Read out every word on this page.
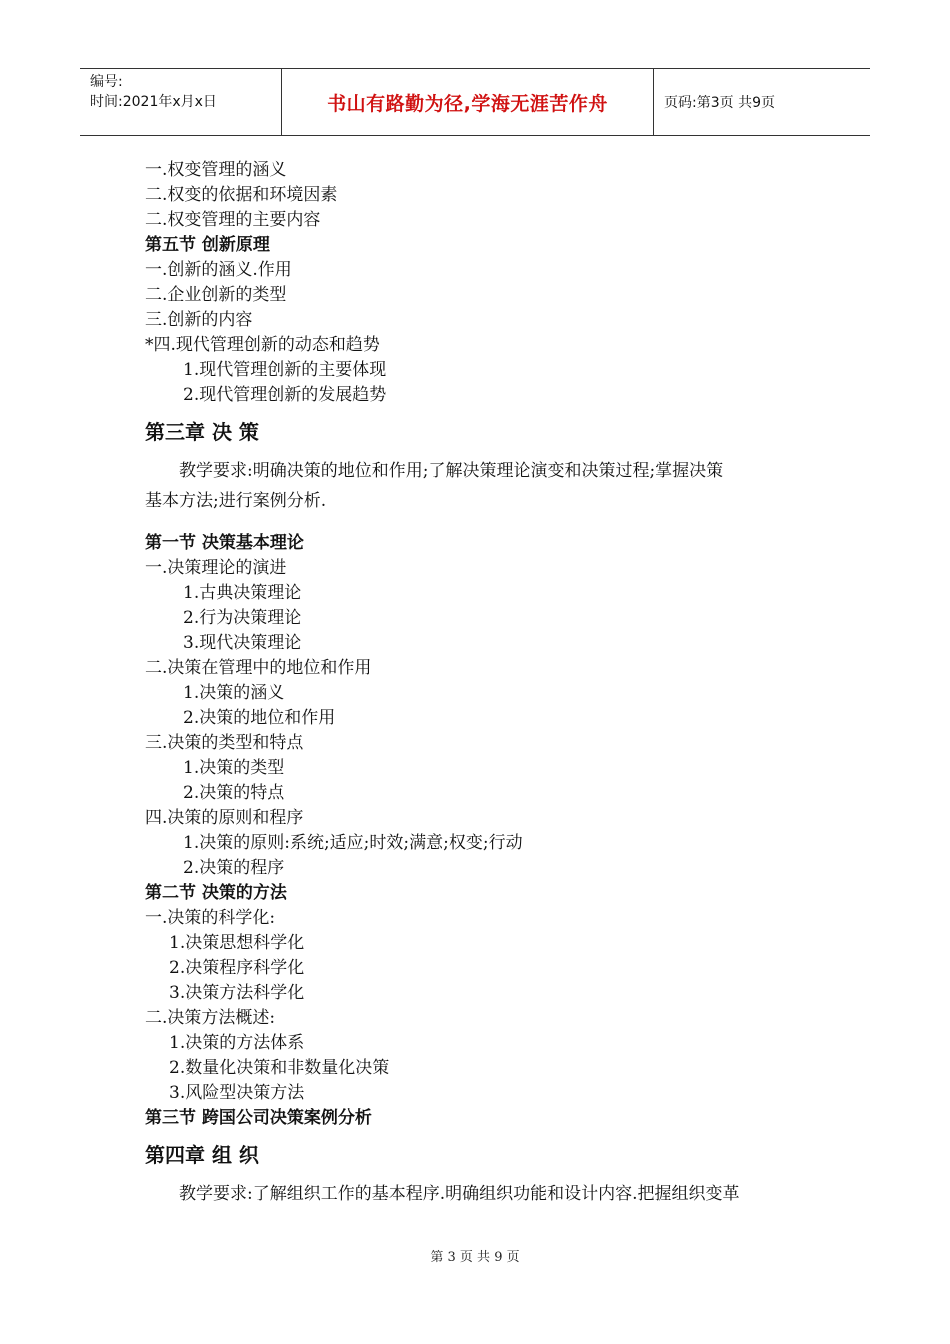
编号:
时间:2021年x月x日	书山有路勤为径,学海无涯苦作舟	页码:第3页 共9页
一.权变管理的涵义
二.权变的依据和环境因素
二.权变管理的主要内容
第五节 创新原理
一.创新的涵义.作用
二.企业创新的类型
三.创新的内容
*四.现代管理创新的动态和趋势
1.现代管理创新的主要体现
2.现代管理创新的发展趋势
第三章 决 策
教学要求:明确决策的地位和作用;了解决策理论演变和决策过程;掌握决策
基本方法;进行案例分析.
第一节 决策基本理论
一.决策理论的演进
1.古典决策理论
2.行为决策理论
3.现代决策理论
二.决策在管理中的地位和作用
1.决策的涵义
2.决策的地位和作用
三.决策的类型和特点
1.决策的类型
2.决策的特点
四.决策的原则和程序
1.决策的原则:系统;适应;时效;满意;权变;行动
2.决策的程序
第二节 决策的方法
一.决策的科学化:
1.决策思想科学化
2.决策程序科学化
3.决策方法科学化
二.决策方法概述:
1.决策的方法体系
2.数量化决策和非数量化决策
3.风险型决策方法
第三节 跨国公司决策案例分析
第四章 组 织
教学要求:了解组织工作的基本程序.明确组织功能和设计内容.把握组织变革
第 3 页 共 9 页
